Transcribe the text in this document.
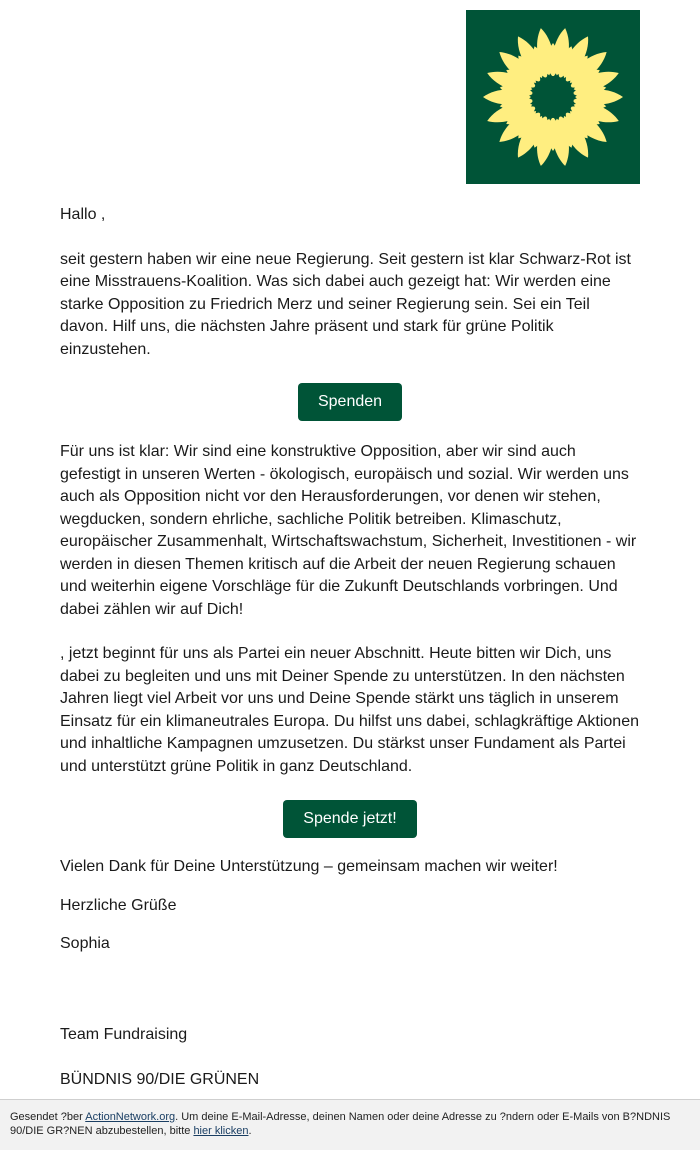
Hallo ,

seit gestern haben wir eine neue Regierung. Seit gestern ist klar Schwarz-Rot ist eine Misstrauens-Koalition. Was sich dabei auch gezeigt hat: Wir werden eine starke Opposition zu Friedrich Merz und seiner Regierung sein. Sei ein Teil davon. Hilf uns, die nächsten Jahre präsent und stark für grüne Politik einzustehen.

Spenden

Für uns ist klar: Wir sind eine konstruktive Opposition, aber wir sind auch gefestigt in unseren Werten - ökologisch, europäisch und sozial. Wir werden uns auch als Opposition nicht vor den Herausforderungen, vor denen wir stehen, wegducken, sondern ehrliche, sachliche Politik betreiben. Klimaschutz, europäischer Zusammenhalt, Wirtschaftswachstum, Sicherheit, Investitionen - wir werden in diesen Themen kritisch auf die Arbeit der neuen Regierung schauen und weiterhin eigene Vorschläge für die Zukunft Deutschlands vorbringen. Und dabei zählen wir auf Dich!

, jetzt beginnt für uns als Partei ein neuer Abschnitt. Heute bitten wir Dich, uns dabei zu begleiten und uns mit Deiner Spende zu unterstützen. In den nächsten Jahren liegt viel Arbeit vor uns und Deine Spende stärkt uns täglich in unserem Einsatz für ein klimaneutrales Europa. Du hilfst uns dabei, schlagkräftige Aktionen und inhaltliche Kampagnen umzusetzen. Du stärkst unser Fundament als Partei und unterstützt grüne Politik in ganz Deutschland.

Spende jetzt!

Vielen Dank für Deine Unterstützung – gemeinsam machen wir weiter!

Herzliche Grüße

Sophia

Team Fundraising

BÜNDNIS 90/DIE GRÜNEN

Gesendet ?ber ActionNetwork.org. Um deine E-Mail-Adresse, deinen Namen oder deine Adresse zu ?ndern oder E-Mails von B?NDNIS 90/DIE GR?NEN abzubestellen, bitte hier klicken.
